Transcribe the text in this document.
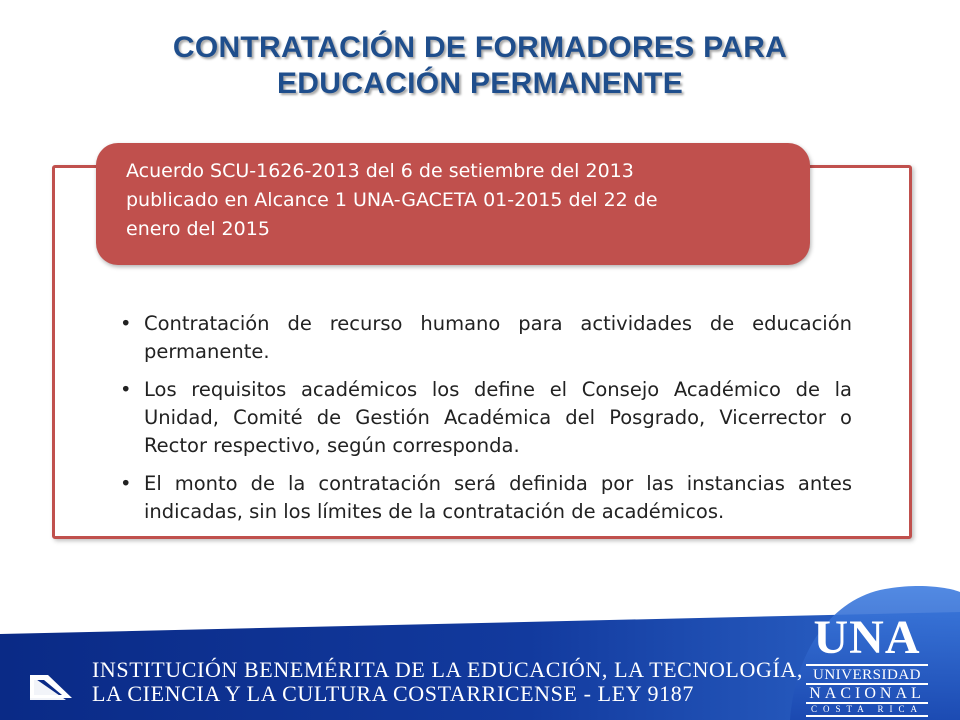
CONTRATACIÓN DE FORMADORES PARA
EDUCACIÓN PERMANENTE
Acuerdo SCU-1626-2013 del 6 de setiembre del 2013
publicado en Alcance 1 UNA-GACETA 01-2015 del 22 de
enero del 2015
• Contratación de recurso humano para actividades de educación permanente.
• Los requisitos académicos los define el Consejo Académico de la Unidad, Comité de Gestión Académica del Posgrado, Vicerrector o Rector respectivo, según corresponda.
• El monto de la contratación será definida por las instancias antes indicadas, sin los límites de la contratación de académicos.
INSTITUCIÓN BENEMÉRITA DE LA EDUCACIÓN, LA TECNOLOGÍA,
LA CIENCIA Y LA CULTURA COSTARRICENSE - LEY 9187
UNA
UNIVERSIDAD
NACIONAL
COSTA RICA
